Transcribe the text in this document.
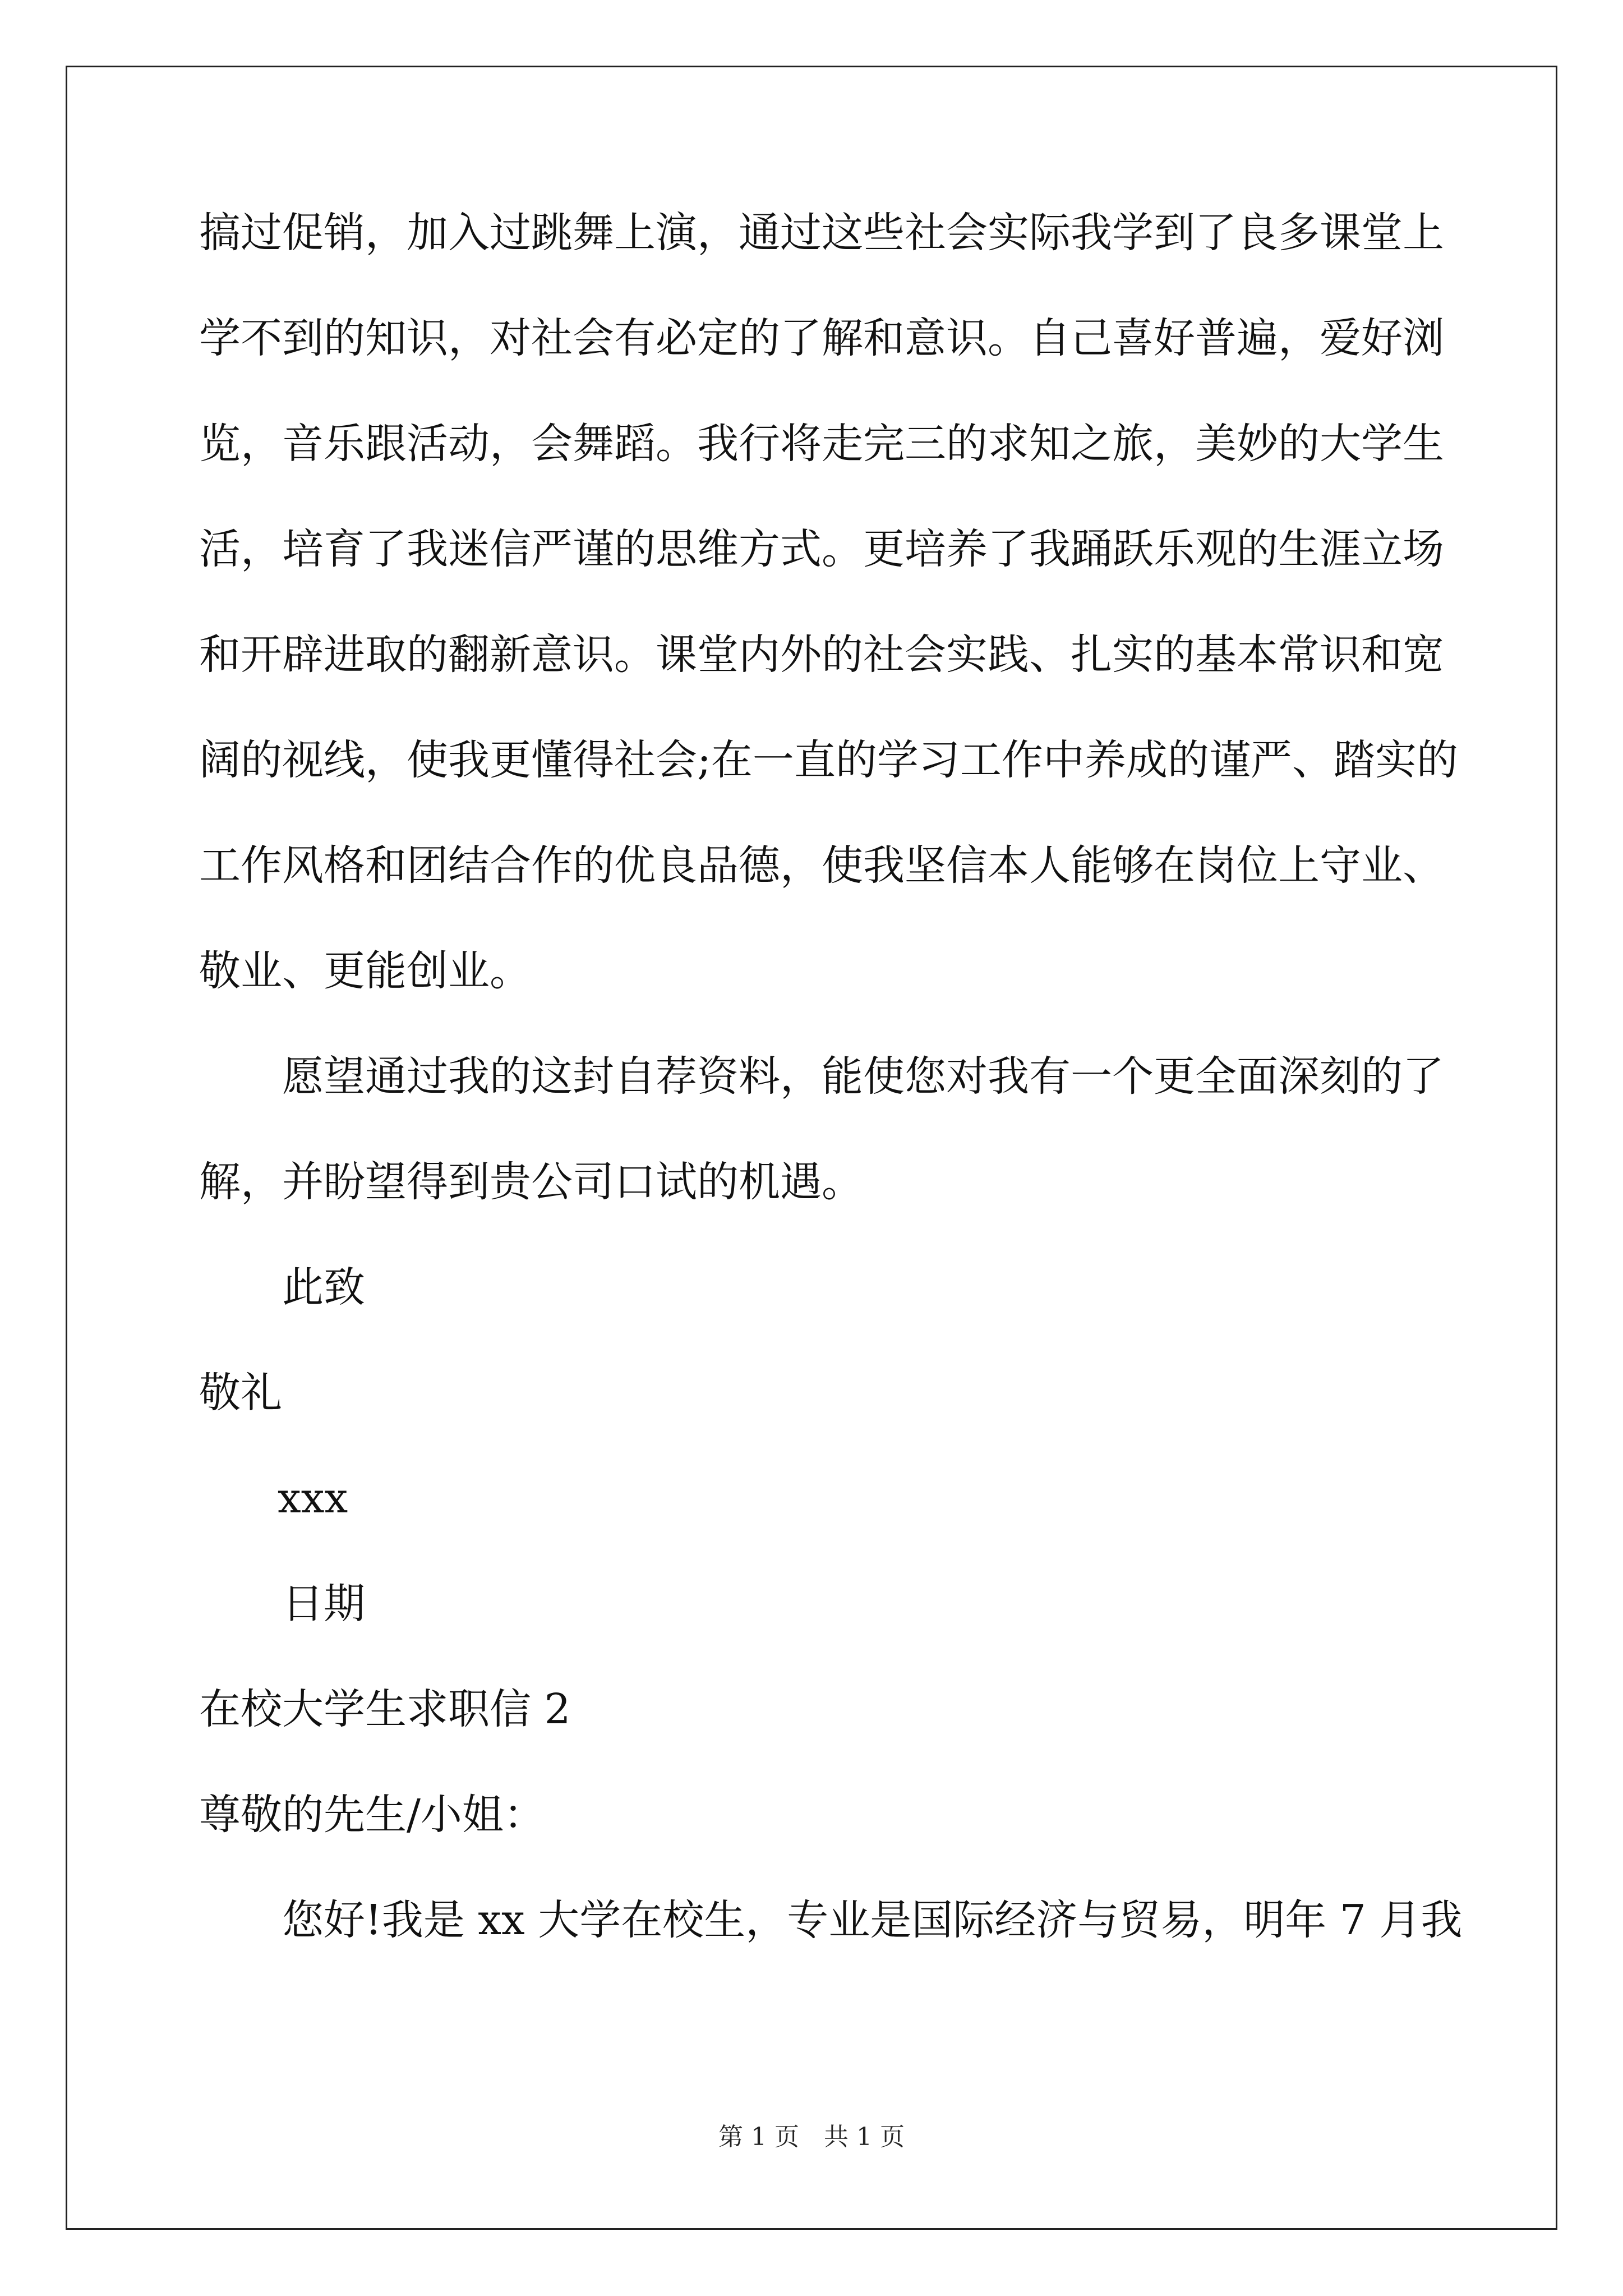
搞过促销，加入过跳舞上演，通过这些社会实际我学到了良多课堂上
学不到的知识，对社会有必定的了解和意识。自己喜好普遍，爱好浏
览，音乐跟活动，会舞蹈。我行将走完三的求知之旅，美妙的大学生
活，培育了我迷信严谨的思维方式。更培养了我踊跃乐观的生涯立场
和开辟进取的翻新意识。课堂内外的社会实践、扎实的基本常识和宽
阔的视线，使我更懂得社会;在一直的学习工作中养成的谨严、踏实的
工作风格和团结合作的优良品德，使我坚信本人能够在岗位上守业、
敬业、更能创业。
愿望通过我的这封自荐资料，能使您对我有一个更全面深刻的了
解，并盼望得到贵公司口试的机遇。
此致
敬礼
xxx
日期
在校大学生求职信 2
尊敬的先生/小姐：
您好!我是 xx 大学在校生，专业是国际经济与贸易，明年 7 月我
第 1 页　共 1 页
